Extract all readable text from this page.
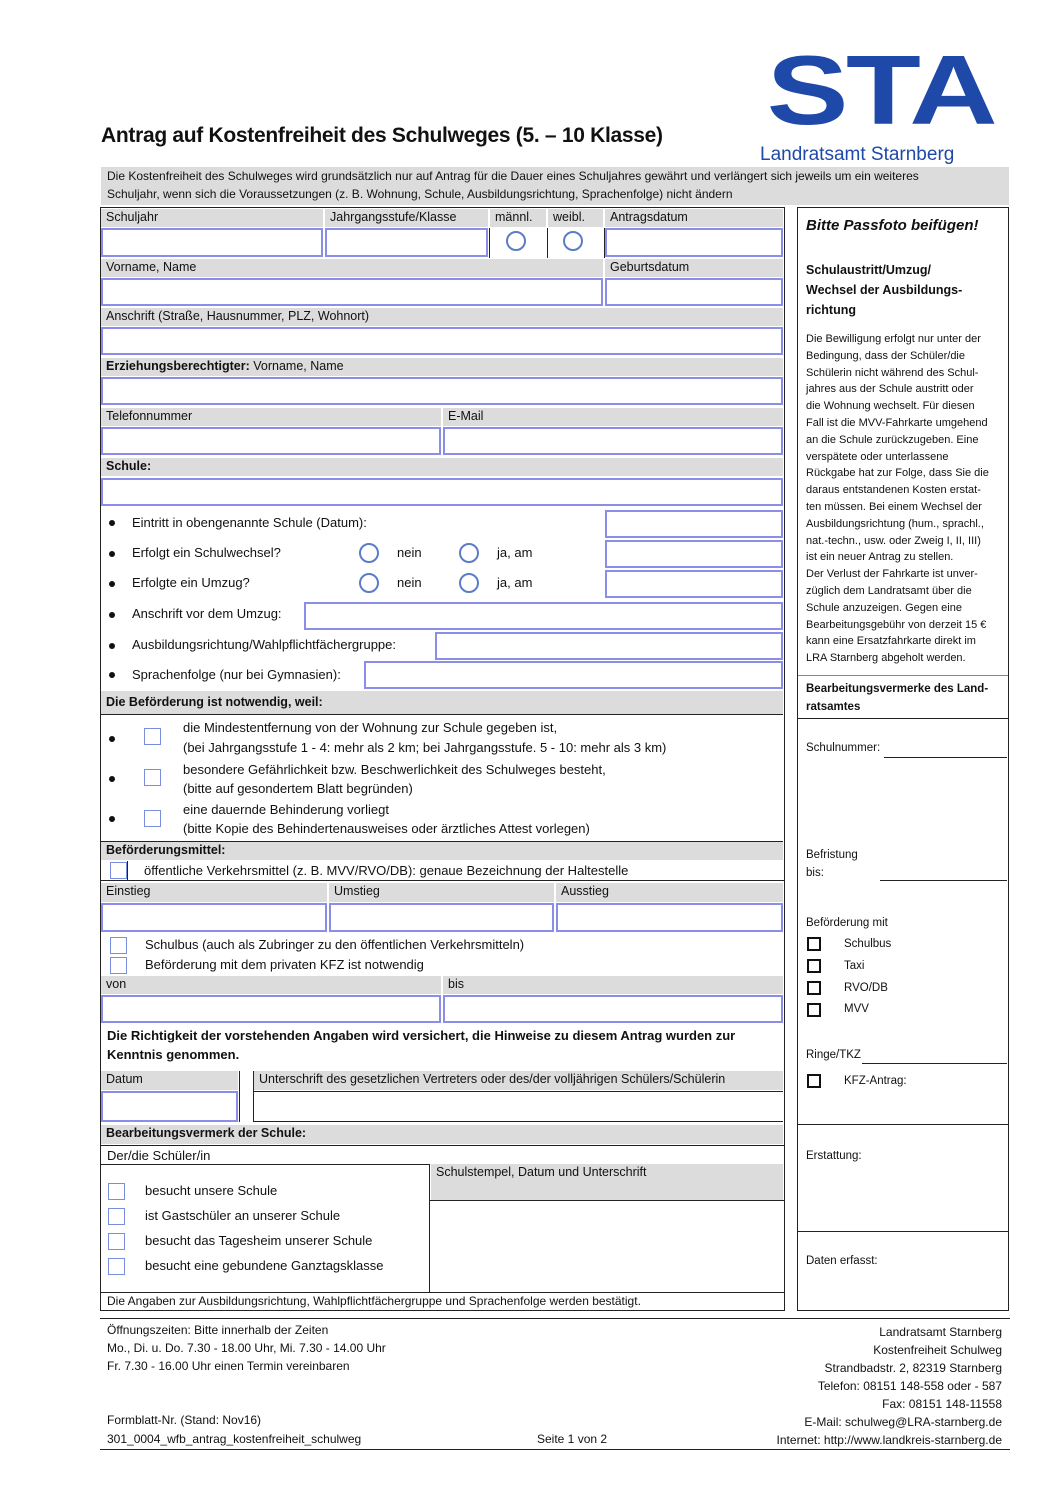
STA
Landratsamt Starnberg
Antrag auf Kostenfreiheit des Schulweges (5. – 10 Klasse)
Die Kostenfreiheit des Schulweges wird grundsätzlich nur auf Antrag für die Dauer eines Schuljahres gewährt und verlängert sich jeweils um ein weiteres
Schuljahr, wenn sich die Voraussetzungen (z. B. Wohnung, Schule, Ausbildungsrichtung, Sprachenfolge) nicht ändern
Schuljahr	Jahrgangsstufe/Klasse	männl.	weibl.	Antragsdatum
Vorname, Name	Geburtsdatum
Anschrift (Straße, Hausnummer, PLZ, Wohnort)
Erziehungsberechtigter: Vorname, Name
Telefonnummer	E-Mail
Schule:
Eintritt in obengenannte Schule (Datum):
Erfolgt ein Schulwechsel?	nein	ja, am
Erfolgte ein Umzug?	nein	ja, am
Anschrift vor dem Umzug:
Ausbildungsrichtung/Wahlpflichtfächergruppe:
Sprachenfolge (nur bei Gymnasien):
Die Beförderung ist notwendig, weil:
die Mindestentfernung von der Wohnung zur Schule gegeben ist,
(bei Jahrgangsstufe 1 - 4: mehr als 2 km; bei Jahrgangsstufe. 5 - 10: mehr als 3 km)
besondere Gefährlichkeit bzw. Beschwerlichkeit des Schulweges besteht,
(bitte auf gesondertem Blatt begründen)
eine dauernde Behinderung vorliegt
(bitte Kopie des Behindertenausweises oder ärztliches Attest vorlegen)
Beförderungsmittel:
öffentliche Verkehrsmittel (z. B. MVV/RVO/DB): genaue Bezeichnung der Haltestelle
Einstieg	Umstieg	Ausstieg
Schulbus (auch als Zubringer zu den öffentlichen Verkehrsmitteln)
Beförderung mit dem privaten KFZ ist notwendig
von	bis
Die Richtigkeit der vorstehenden Angaben wird versichert, die Hinweise zu diesem Antrag wurden zur
Kenntnis genommen.
Datum	Unterschrift des gesetzlichen Vertreters oder des/der volljährigen Schülers/Schülerin
Bearbeitungsvermerk der Schule:
Der/die Schüler/in
Schulstempel, Datum und Unterschrift
besucht unsere Schule
ist Gastschüler an unserer Schule
besucht das Tagesheim unserer Schule
besucht eine gebundene Ganztagsklasse
Die Angaben zur Ausbildungsrichtung, Wahlpflichtfächergruppe und Sprachenfolge werden bestätigt.
Bitte Passfoto beifügen!
Schulaustritt/Umzug/
Wechsel der Ausbildungs-
richtung
Die Bewilligung erfolgt nur unter der
Bedingung, dass der Schüler/die
Schülerin nicht während des Schul-
jahres aus der Schule austritt oder
die Wohnung wechselt. Für diesen
Fall ist die MVV-Fahrkarte umgehend
an die Schule zurückzugeben. Eine
verspätete oder unterlassene
Rückgabe hat zur Folge, dass Sie die
daraus entstandenen Kosten erstat-
ten müssen. Bei einem Wechsel der
Ausbildungsrichtung (hum., sprachl.,
nat.-techn., usw. oder Zweig I, II, III)
ist ein neuer Antrag zu stellen.
Der Verlust der Fahrkarte ist unver-
züglich dem Landratsamt über die
Schule anzuzeigen. Gegen eine
Bearbeitungsgebühr von derzeit 15 €
kann eine Ersatzfahrkarte direkt im
LRA Starnberg abgeholt werden.
Bearbeitungsvermerke des Land-
ratsamtes
Schulnummer:
Befristung
bis:
Beförderung mit
Schulbus
Taxi
RVO/DB
MVV
Ringe/TKZ
KFZ-Antrag:
Erstattung:
Daten erfasst:
Öffnungszeiten: Bitte innerhalb der Zeiten
Mo., Di. u. Do. 7.30 - 18.00 Uhr, Mi. 7.30 - 14.00 Uhr
Fr. 7.30 - 16.00 Uhr einen Termin vereinbaren
Formblatt-Nr. (Stand: Nov16)
301_0004_wfb_antrag_kostenfreiheit_schulweg	Seite 1 von 2
Landratsamt Starnberg
Kostenfreiheit Schulweg
Strandbadstr. 2, 82319 Starnberg
Telefon: 08151 148-558 oder - 587
Fax: 08151 148-11558
E-Mail: schulweg@LRA-starnberg.de
Internet: http://www.landkreis-starnberg.de
